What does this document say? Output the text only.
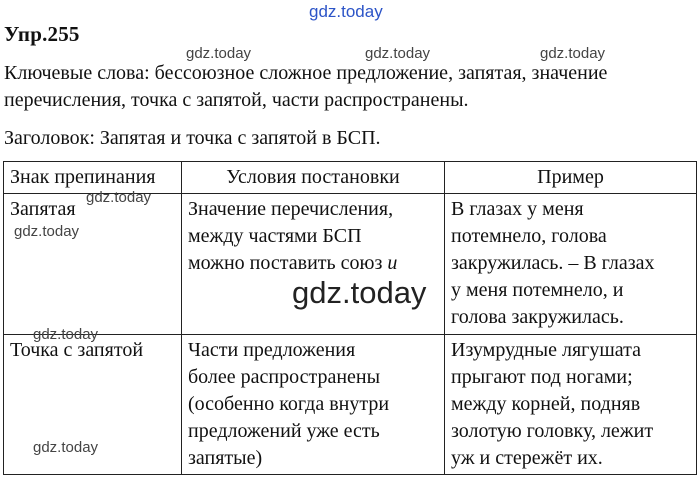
gdz.today
Упр.255
gdz.today	gdz.today	gdz.today
Ключевые слова: бессоюзное сложное предложение, запятая, значение
перечисления, точка с запятой, части распространены.
Заголовок: Запятая и точка с запятой в БСП.
Знак препинания	Условия постановки	Пример

Запятая	Значение перечисления,
между частями БСП
можно поставить союз и	В глазах у меня
потемнело, голова
закружилась. – В глазах
у меня потемнело, и
голова закружилась.

Точка с запятой	Части предложения
более распространены
(особенно когда внутри
предложений уже есть
запятые)	Изумрудные лягушата
прыгают под ногами;
между корней, подняв
золотую головку, лежит
уж и стережёт их.
gdz.today
gdz.today
gdz.today
gdz.today
gdz.today
